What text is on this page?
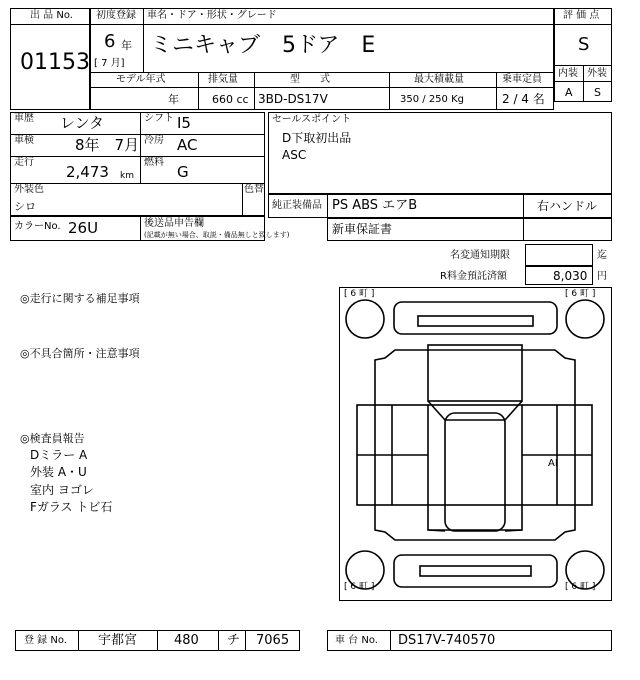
出 品 No.
01153
初度登録 車名・ドア・形状・グレード
6 年
[ 7 月]
ミニキャブ　5ドア　E
モデル年式	排気量	型　　式	最大積載量	乗車定員
年	660 cc 3BD-DS17V	350 / 250 Kg	2 / 4 名
評 価 点
S
内装 外装
A S
車歴 レンタ	シフト I5
車検	8年　7月 冷房 AC
走行
2,473 km
燃料
G
外装色
シロ
色替
カラーNo. 26U	後送品申告欄
(記載が無い場合、取説・備品無しと致します)
セールスポイント
D下取初出品
ASC
純正装備品 PS ABS エアB	右ハンドル
新車保証書
名変通知期限	迄
R料金預託済額	8,030 円
◎走行に関する補足事項
◎不具合箇所・注意事項
◎検査員報告
Dミラー A
外装 A・U
室内 ヨゴレ
Fガラス トビ石
[ 6 町 ]	[ 6 町 ]
[ 6 町 ]	[ 6 町 ]
AI
登 録 No. 宇都宮	480 チ 7065	車 台 No. DS17V-740570
